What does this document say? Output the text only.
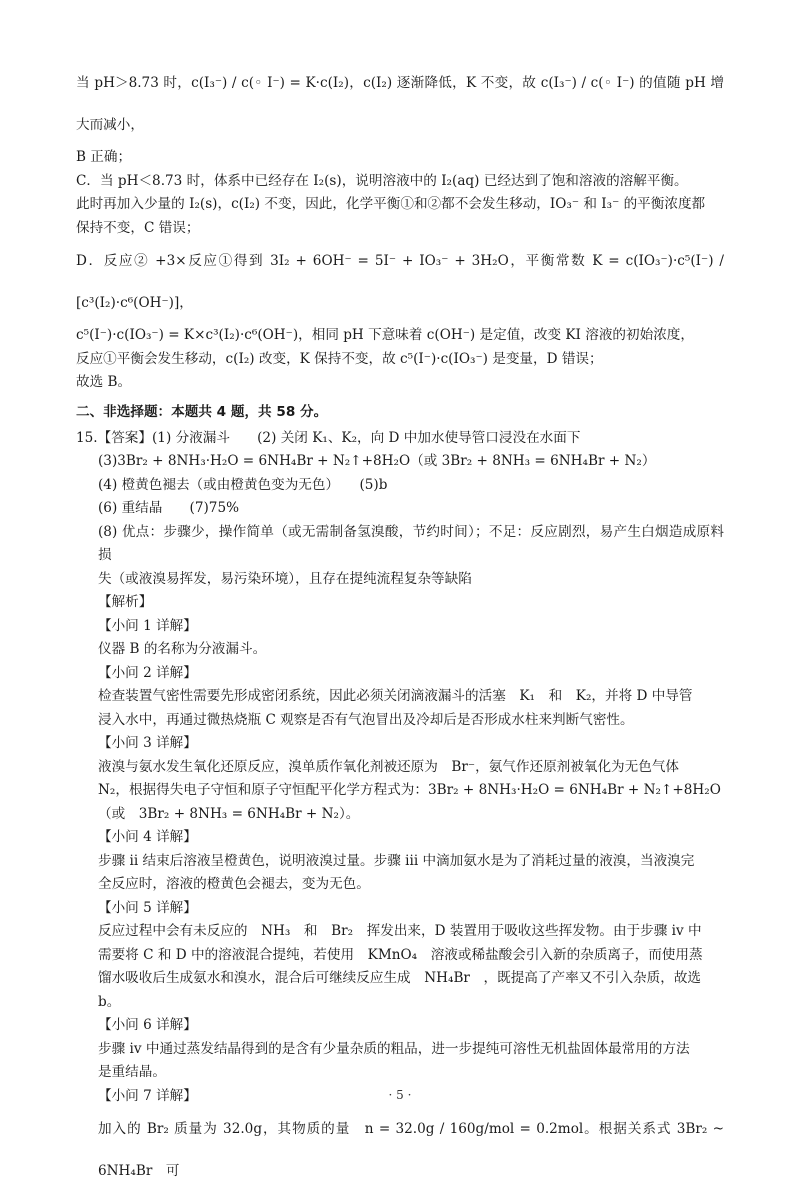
当 pH＞8.73 时，c(I₃⁻) / c(◦ I⁻) = K·c(I₂)，c(I₂) 逐渐降低，K 不变，故 c(I₃⁻) / c(◦ I⁻) 的值随 pH 增大而减小，

B 正确；

C．当 pH＜8.73 时，体系中已经存在 I₂(s)，说明溶液中的 I₂(aq) 已经达到了饱和溶液的溶解平衡。

此时再加入少量的 I₂(s)，c(I₂) 不变，因此，化学平衡①和②都不会发生移动，IO₃⁻ 和 I₃⁻ 的平衡浓度都

保持不变，C 错误；

D．反应② +3×反应①得到 3I₂ + 6OH⁻ = 5I⁻ + IO₃⁻ + 3H₂O，平衡常数 K = c(IO₃⁻)·c⁵(I⁻) / [c³(I₂)·c⁶(OH⁻)]，

c⁵(I⁻)·c(IO₃⁻) = K×c³(I₂)·c⁶(OH⁻)，相同 pH 下意味着 c(OH⁻) 是定值，改变 KI 溶液的初始浓度，

反应①平衡会发生移动，c(I₂) 改变，K 保持不变，故 c⁵(I⁻)·c(IO₃⁻) 是变量，D 错误；

故选 B。

二、非选择题：本题共 4 题，共 58 分。

15.【答案】(1) 分液漏斗　　(2) 关闭 K₁、K₂，向 D 中加水使导管口浸没在水面下

(3)3Br₂ + 8NH₃·H₂O = 6NH₄Br + N₂↑+8H₂O（或 3Br₂ + 8NH₃ = 6NH₄Br + N₂）

(4) 橙黄色褪去（或由橙黄色变为无色）　　(5)b

(6) 重结晶　　(7)75%

(8) 优点：步骤少，操作简单（或无需制备氢溴酸，节约时间）；不足：反应剧烈，易产生白烟造成原料损

失（或液溴易挥发，易污染环境），且存在提纯流程复杂等缺陷

【解析】

【小问 1 详解】

仪器 B 的名称为分液漏斗。

【小问 2 详解】

检查装置气密性需要先形成密闭系统，因此必须关闭滴液漏斗的活塞　K₁　和　K₂，并将 D 中导管

浸入水中，再通过微热烧瓶 C 观察是否有气泡冒出及冷却后是否形成水柱来判断气密性。

【小问 3 详解】

液溴与氨水发生氧化还原反应，溴单质作氧化剂被还原为　Br⁻，氨气作还原剂被氧化为无色气体

N₂，根据得失电子守恒和原子守恒配平化学方程式为：3Br₂ + 8NH₃·H₂O = 6NH₄Br + N₂↑+8H₂O

（或　3Br₂ + 8NH₃ = 6NH₄Br + N₂）。

【小问 4 详解】

步骤 ii 结束后溶液呈橙黄色，说明液溴过量。步骤 iii 中滴加氨水是为了消耗过量的液溴，当液溴完

全反应时，溶液的橙黄色会褪去，变为无色。

【小问 5 详解】

反应过程中会有未反应的　NH₃　和　Br₂　挥发出来，D 装置用于吸收这些挥发物。由于步骤 iv 中

需要将 C 和 D 中的溶液混合提纯，若使用　KMnO₄　溶液或稀盐酸会引入新的杂质离子，而使用蒸

馏水吸收后生成氨水和溴水，混合后可继续反应生成　NH₄Br　，既提高了产率又不引入杂质，故选

b。

【小问 6 详解】

步骤 iv 中通过蒸发结晶得到的是含有少量杂质的粗品，进一步提纯可溶性无机盐固体最常用的方法

是重结晶。

【小问 7 详解】

加入的 Br₂ 质量为 32.0g，其物质的量　n = 32.0g / 160g/mol = 0.2mol。根据关系式 3Br₂ ~ 6NH₄Br　可

· 5 ·
